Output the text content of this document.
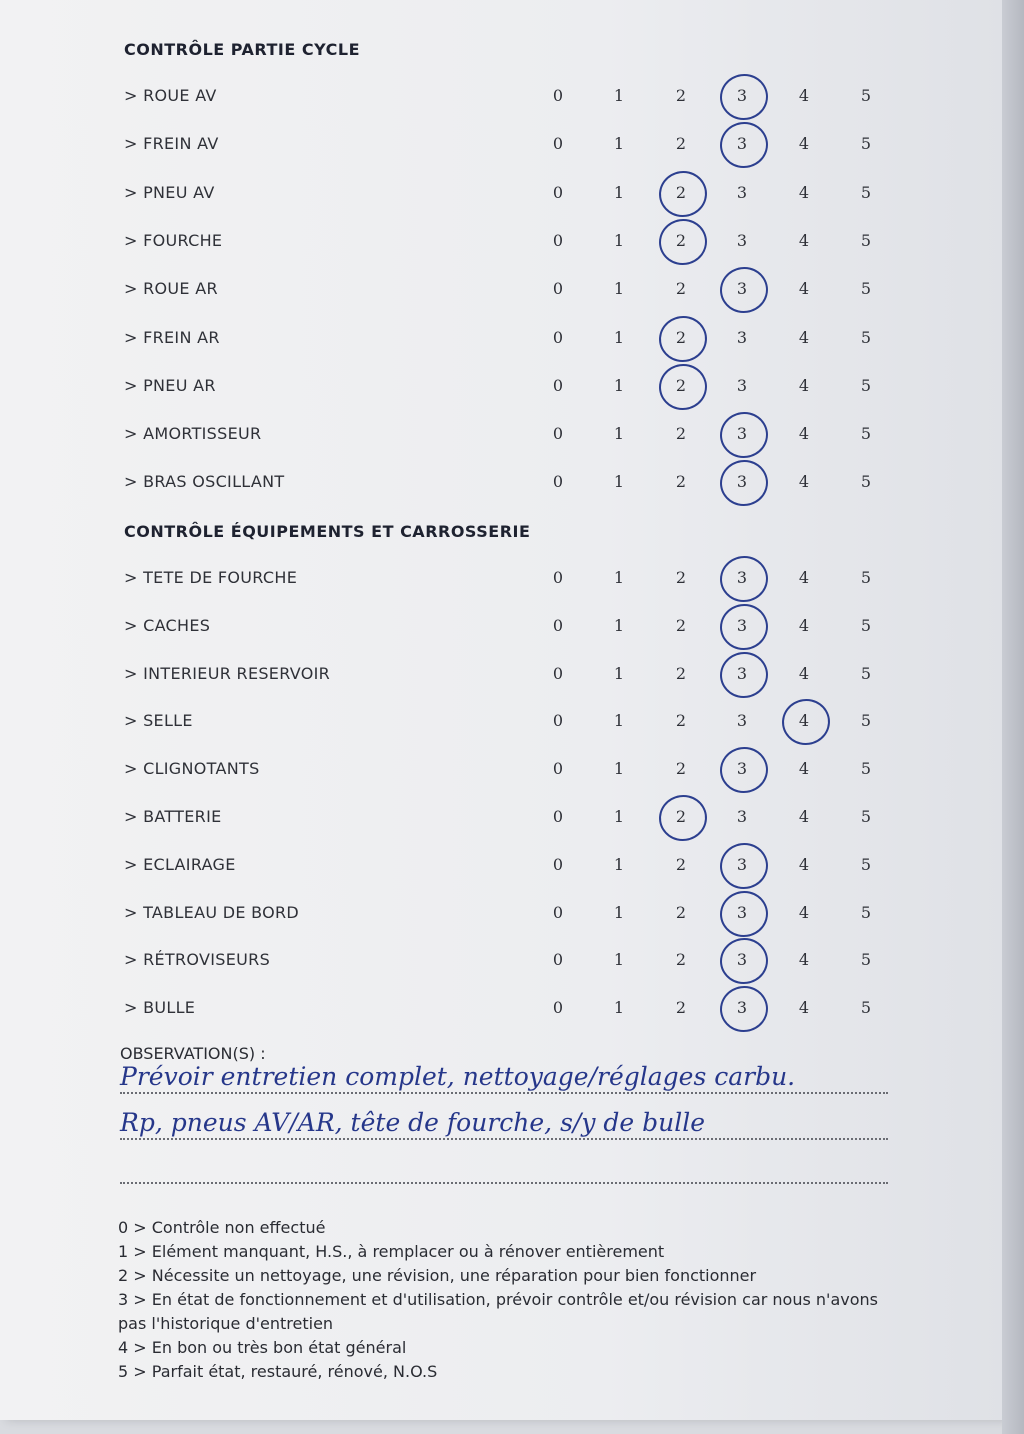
CONTRÔLE PARTIE CYCLE
> ROUE AV	0	1	2	3	4	5
> FREIN AV	0	1	2	3	4	5
> PNEU AV	0	1	2	3	4	5
> FOURCHE	0	1	2	3	4	5
> ROUE AR	0	1	2	3	4	5
> FREIN AR	0	1	2	3	4	5
> PNEU AR	0	1	2	3	4	5
> AMORTISSEUR	0	1	2	3	4	5
> BRAS OSCILLANT	0	1	2	3	4	5
CONTRÔLE ÉQUIPEMENTS ET CARROSSERIE
> TETE DE FOURCHE	0	1	2	3	4	5
> CACHES	0	1	2	3	4	5
> INTERIEUR RESERVOIR	0	1	2	3	4	5
> SELLE	0	1	2	3	4	5
> CLIGNOTANTS	0	1	2	3	4	5
> BATTERIE	0	1	2	3	4	5
> ECLAIRAGE	0	1	2	3	4	5
> TABLEAU DE BORD	0	1	2	3	4	5
> RÉTROVISEURS	0	1	2	3	4	5
> BULLE	0	1	2	3	4	5
OBSERVATION(S) :
Prévoir entretien complet, nettoyage/réglages carbu.
Rp, pneus AV/AR, tête de fourche, s/y de bulle
0 > Contrôle non effectué
1 > Elément manquant, H.S., à remplacer ou à rénover entièrement
2 > Nécessite un nettoyage, une révision, une réparation pour bien fonctionner
3 > En état de fonctionnement et d'utilisation, prévoir contrôle et/ou révision car nous n'avons pas l'historique d'entretien
4 > En bon ou très bon état général
5 > Parfait état, restauré, rénové, N.O.S
